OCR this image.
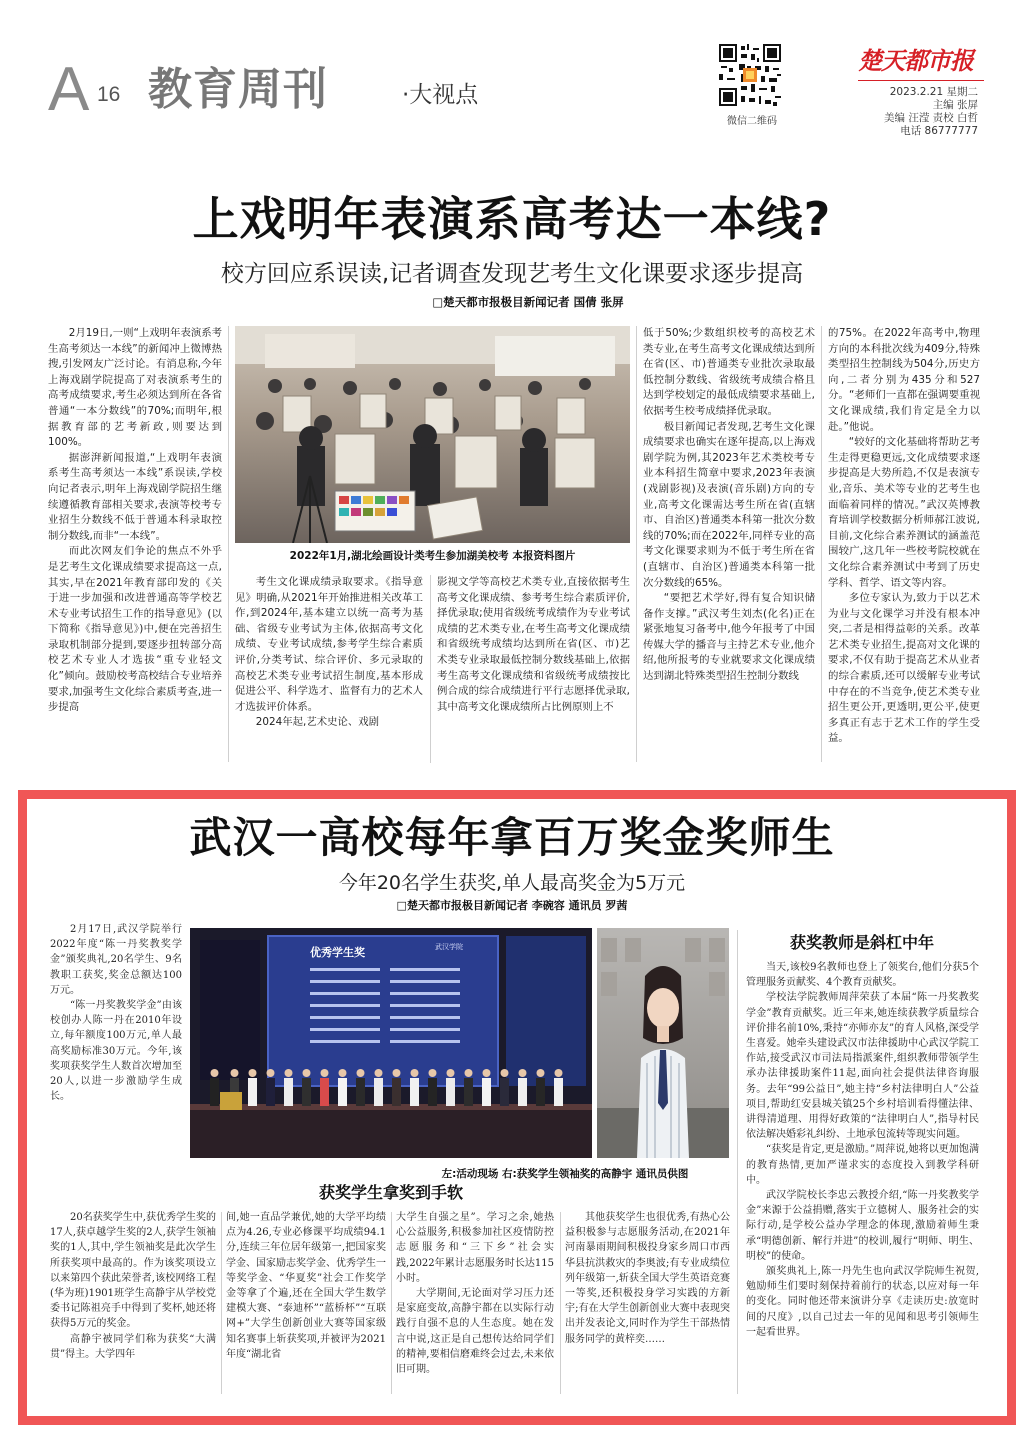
A 16 教育周刊	·大视点
微信二维码
楚天都市报
2023.2.21 星期二
主编 张屏
美编 汪滢 责校 白哲
电话 86777777
上戏明年表演系高考达一本线?
校方回应系误读,记者调查发现艺考生文化课要求逐步提高
□楚天都市报极目新闻记者 国倩 张屏
2022年1月,湖北绘画设计类考生参加湖美校考 本报资料图片

2月19日,一则“上戏明年表演系考生高考须达一本线”的新闻冲上微博热搜,引发网友广泛讨论。有消息称,今年上海戏剧学院提高了对表演系考生的高考成绩要求,考生必须达到所在各省普通“一本分数线”的70%;而明年,根据教育部的艺考新政,则要达到100%。

据澎湃新闻报道,“上戏明年表演系考生高考须达一本线”系误读,学校向记者表示,明年上海戏剧学院招生继续遵循教育部相关要求,表演等校考专业招生分数线不低于普通本科录取控制分数线,而非“一本线”。

而此次网友们争论的焦点不外乎是艺考生文化课成绩要求提高这一点,其实,早在2021年教育部印发的《关于进一步加强和改进普通高等学校艺术专业考试招生工作的指导意见》(以下简称《指导意见》)中,便在完善招生录取机制部分提到,要逐步扭转部分高校艺术专业人才选拔“重专业轻文化”倾向。鼓励校考高校结合专业培养要求,加强考生文化综合素质考查,进一步提高

考生文化课成绩录取要求。《指导意见》明确,从2021年开始推进相关改革工作,到2024年,基本建立以统一高考为基础、省级专业考试为主体,依据高考文化成绩、专业考试成绩,参考学生综合素质评价,分类考试、综合评价、多元录取的高校艺术类专业考试招生制度,基本形成促进公平、科学选才、监督有力的艺术人才选拔评价体系。

2024年起,艺术史论、戏剧

影视文学等高校艺术类专业,直接依据考生高考文化课成绩、参考考生综合素质评价,择优录取;使用省级统考成绩作为专业考试成绩的艺术类专业,在考生高考文化课成绩和省级统考成绩均达到所在省(区、市)艺术类专业录取最低控制分数线基础上,依据考生高考文化课成绩和省级统考成绩按比例合成的综合成绩进行平行志愿择优录取,其中高考文化课成绩所占比例原则上不

低于50%;少数组织校考的高校艺术类专业,在考生高考文化课成绩达到所在省(区、市)普通类专业批次录取最低控制分数线、省级统考成绩合格且达到学校划定的最低成绩要求基础上,依据考生校考成绩择优录取。

极目新闻记者发现,艺考生文化课成绩要求也确实在逐年提高,以上海戏剧学院为例,其2023年艺术类校考专业本科招生简章中要求,2023年表演(戏剧影视)及表演(音乐剧)方向的专业,高考文化课需达考生所在省(直辖市、自治区)普通类本科第一批次分数线的70%;而在2022年,同样专业的高考文化课要求则为不低于考生所在省(直辖市、自治区)普通类本科第一批次分数线的65%。

“要把艺术学好,得有复合知识储备作支撑。”武汉考生刘杰(化名)正在紧张地复习备考中,他今年报考了中国传媒大学的播音与主持艺术专业,他介绍,他所报考的专业就要求文化课成绩达到湖北特殊类型招生控制分数线

的75%。在2022年高考中,物理方向的本科批次线为409分,特殊类型招生控制线为504分,历史方向,二者分别为435分和527分。“老师们一直都在强调要重视文化课成绩,我们肯定是全力以赴。”他说。

“较好的文化基础将帮助艺考生走得更稳更远,文化成绩要求逐步提高是大势所趋,不仅是表演专业,音乐、美术等专业的艺考生也面临着同样的情况。”武汉英博教育培训学校数据分析师郝江波说,目前,文化综合素养测试的涵盖范围较广,这几年一些校考院校就在文化综合素养测试中考到了历史学科、哲学、语文等内容。

多位专家认为,致力于以艺术为业与文化课学习并没有根本冲突,二者是相得益彰的关系。改革艺术类专业招生,提高对文化课的要求,不仅有助于提高艺术从业者的综合素质,还可以缓解专业考试中存在的不当竞争,使艺术类专业招生更公开,更透明,更公平,使更多真正有志于艺术工作的学生受益。

武汉一高校每年拿百万奖金奖师生
今年20名学生获奖,单人最高奖金为5万元
□楚天都市报极目新闻记者 李碗容 通讯员 罗茜

2月17日,武汉学院举行2022年度“陈一丹奖教奖学金”颁奖典礼,20名学生、9名教职工获奖,奖金总额达100万元。

“陈一丹奖教奖学金”由该校创办人陈一丹在2010年设立,每年额度100万元,单人最高奖励标准30万元。今年,该奖项获奖学生人数首次增加至20人,以进一步激励学生成长。

优秀学生奖	武汉学院
左:活动现场 右:获奖学生领袖奖的高静宇 通讯员供图
获奖学生拿奖到手软

20名获奖学生中,获优秀学生奖的17人,获卓越学生奖的2人,获学生领袖奖的1人,其中,学生领袖奖是此次学生所获奖项中最高的。作为该奖项设立以来第四个获此荣誉者,该校网络工程(华为班)1901班学生高静宇从学校党委书记陈祖亮手中得到了奖杯,她还将获得5万元的奖金。

高静宇被同学们称为获奖“大满贯”得主。大学四年

间,她一直品学兼优,她的大学平均绩点为4.26,专业必修课平均成绩94.1分,连续三年位居年级第一,把国家奖学金、国家励志奖学金、优秀学生一等奖学金、“华夏奖”社会工作奖学金等拿了个遍,还在全国大学生数学建模大赛、“泰迪杯”“蓝桥杯”“互联网+”大学生创新创业大赛等国家级知名赛事上斩获奖项,并被评为2021年度“湖北省

大学生自强之星”。学习之余,她热心公益服务,积极参加社区疫情防控志愿服务和“三下乡”社会实践,2022年累计志愿服务时长达115小时。

大学期间,无论面对学习压力还是家庭变故,高静宇都在以实际行动践行自强不息的人生态度。她在发言中说,这正是自己想传达给同学们的精神,要相信磨难终会过去,未来依旧可期。

其他获奖学生也很优秀,有热心公益积极参与志愿服务活动,在2021年河南暴雨期间积极投身家乡周口市西华县抗洪救灾的李奥波;有专业成绩位列年级第一,斩获全国大学生英语竞赛一等奖,还积极投身学习实践的方新宇;有在大学生创新创业大赛中表现突出并发表论文,同时作为学生干部热情服务同学的黄梓奕……

获奖教师是斜杠中年

当天,该校9名教师也登上了领奖台,他们分获5个管理服务贡献奖、4个教育贡献奖。

学校法学院教师周萍荣获了本届“陈一丹奖教奖学金”教育贡献奖。近三年来,她连续获教学质量综合评价排名前10%,秉持“亦师亦友”的育人风格,深受学生喜爱。她牵头建设武汉市法律援助中心武汉学院工作站,接受武汉市司法局指派案件,组织教师带领学生承办法律援助案件11起,面向社会提供法律咨询服务。去年“99公益日”,她主持“乡村法律明白人”公益项目,帮助红安县城关镇25个乡村培训看得懂法律、讲得清道理、用得好政策的“法律明白人”,指导村民依法解决婚彩礼纠纷、土地承包流转等现实问题。

“获奖是肯定,更是激励。”周萍说,她将以更加饱满的教育热情,更加严谨求实的态度投入到教学科研中。

武汉学院校长李忠云教授介绍,“陈一丹奖教奖学金”来源于公益捐赠,落实于立德树人、服务社会的实际行动,是学校公益办学理念的体现,激励着师生秉承“明德创新、解行并进”的校训,履行“明师、明生、明校”的使命。

颁奖典礼上,陈一丹先生也向武汉学院师生祝贺,勉励师生们要时刻保持着前行的状态,以应对每一年的变化。同时他还带来演讲分享《走读历史:放宽时间的尺度》,以自己过去一年的见闻和思考引领师生一起看世界。
